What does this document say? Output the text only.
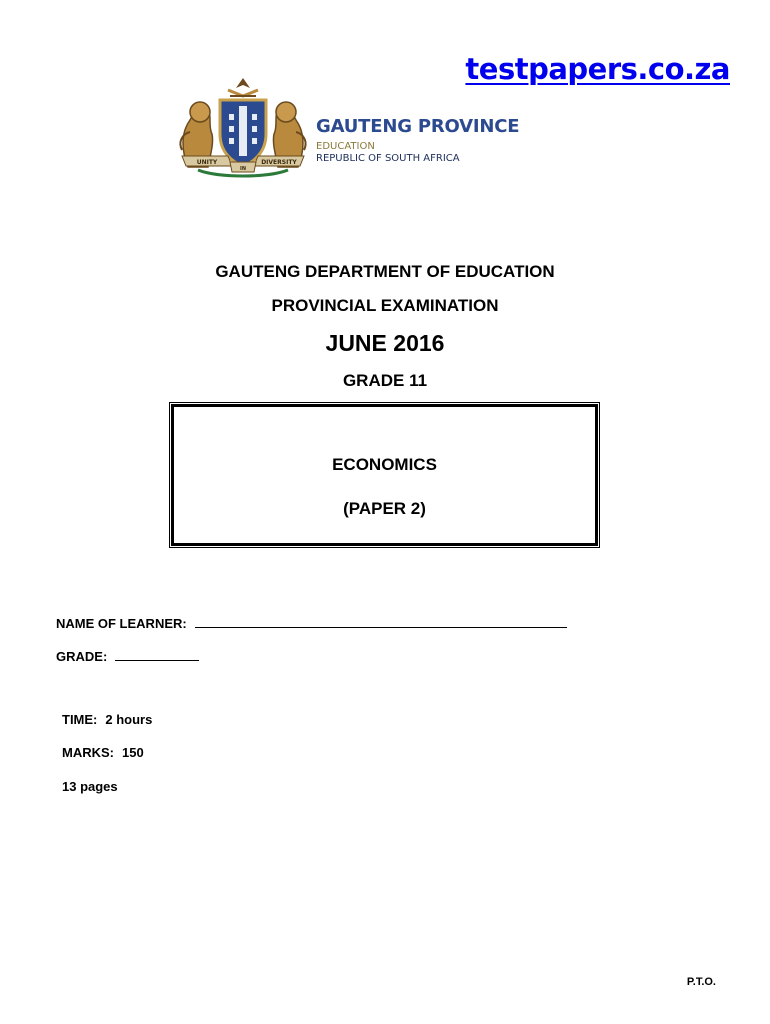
testpapers.co.za
UNITY	DIVERSITY
IN
GAUTENG PROVINCE
EDUCATION
REPUBLIC OF SOUTH AFRICA
GAUTENG DEPARTMENT OF EDUCATION
PROVINCIAL EXAMINATION
JUNE 2016
GRADE 11
ECONOMICS
(PAPER 2)
NAME OF LEARNER:
GRADE:
TIME: 2 hours
MARKS: 150
13 pages
P.T.O.
